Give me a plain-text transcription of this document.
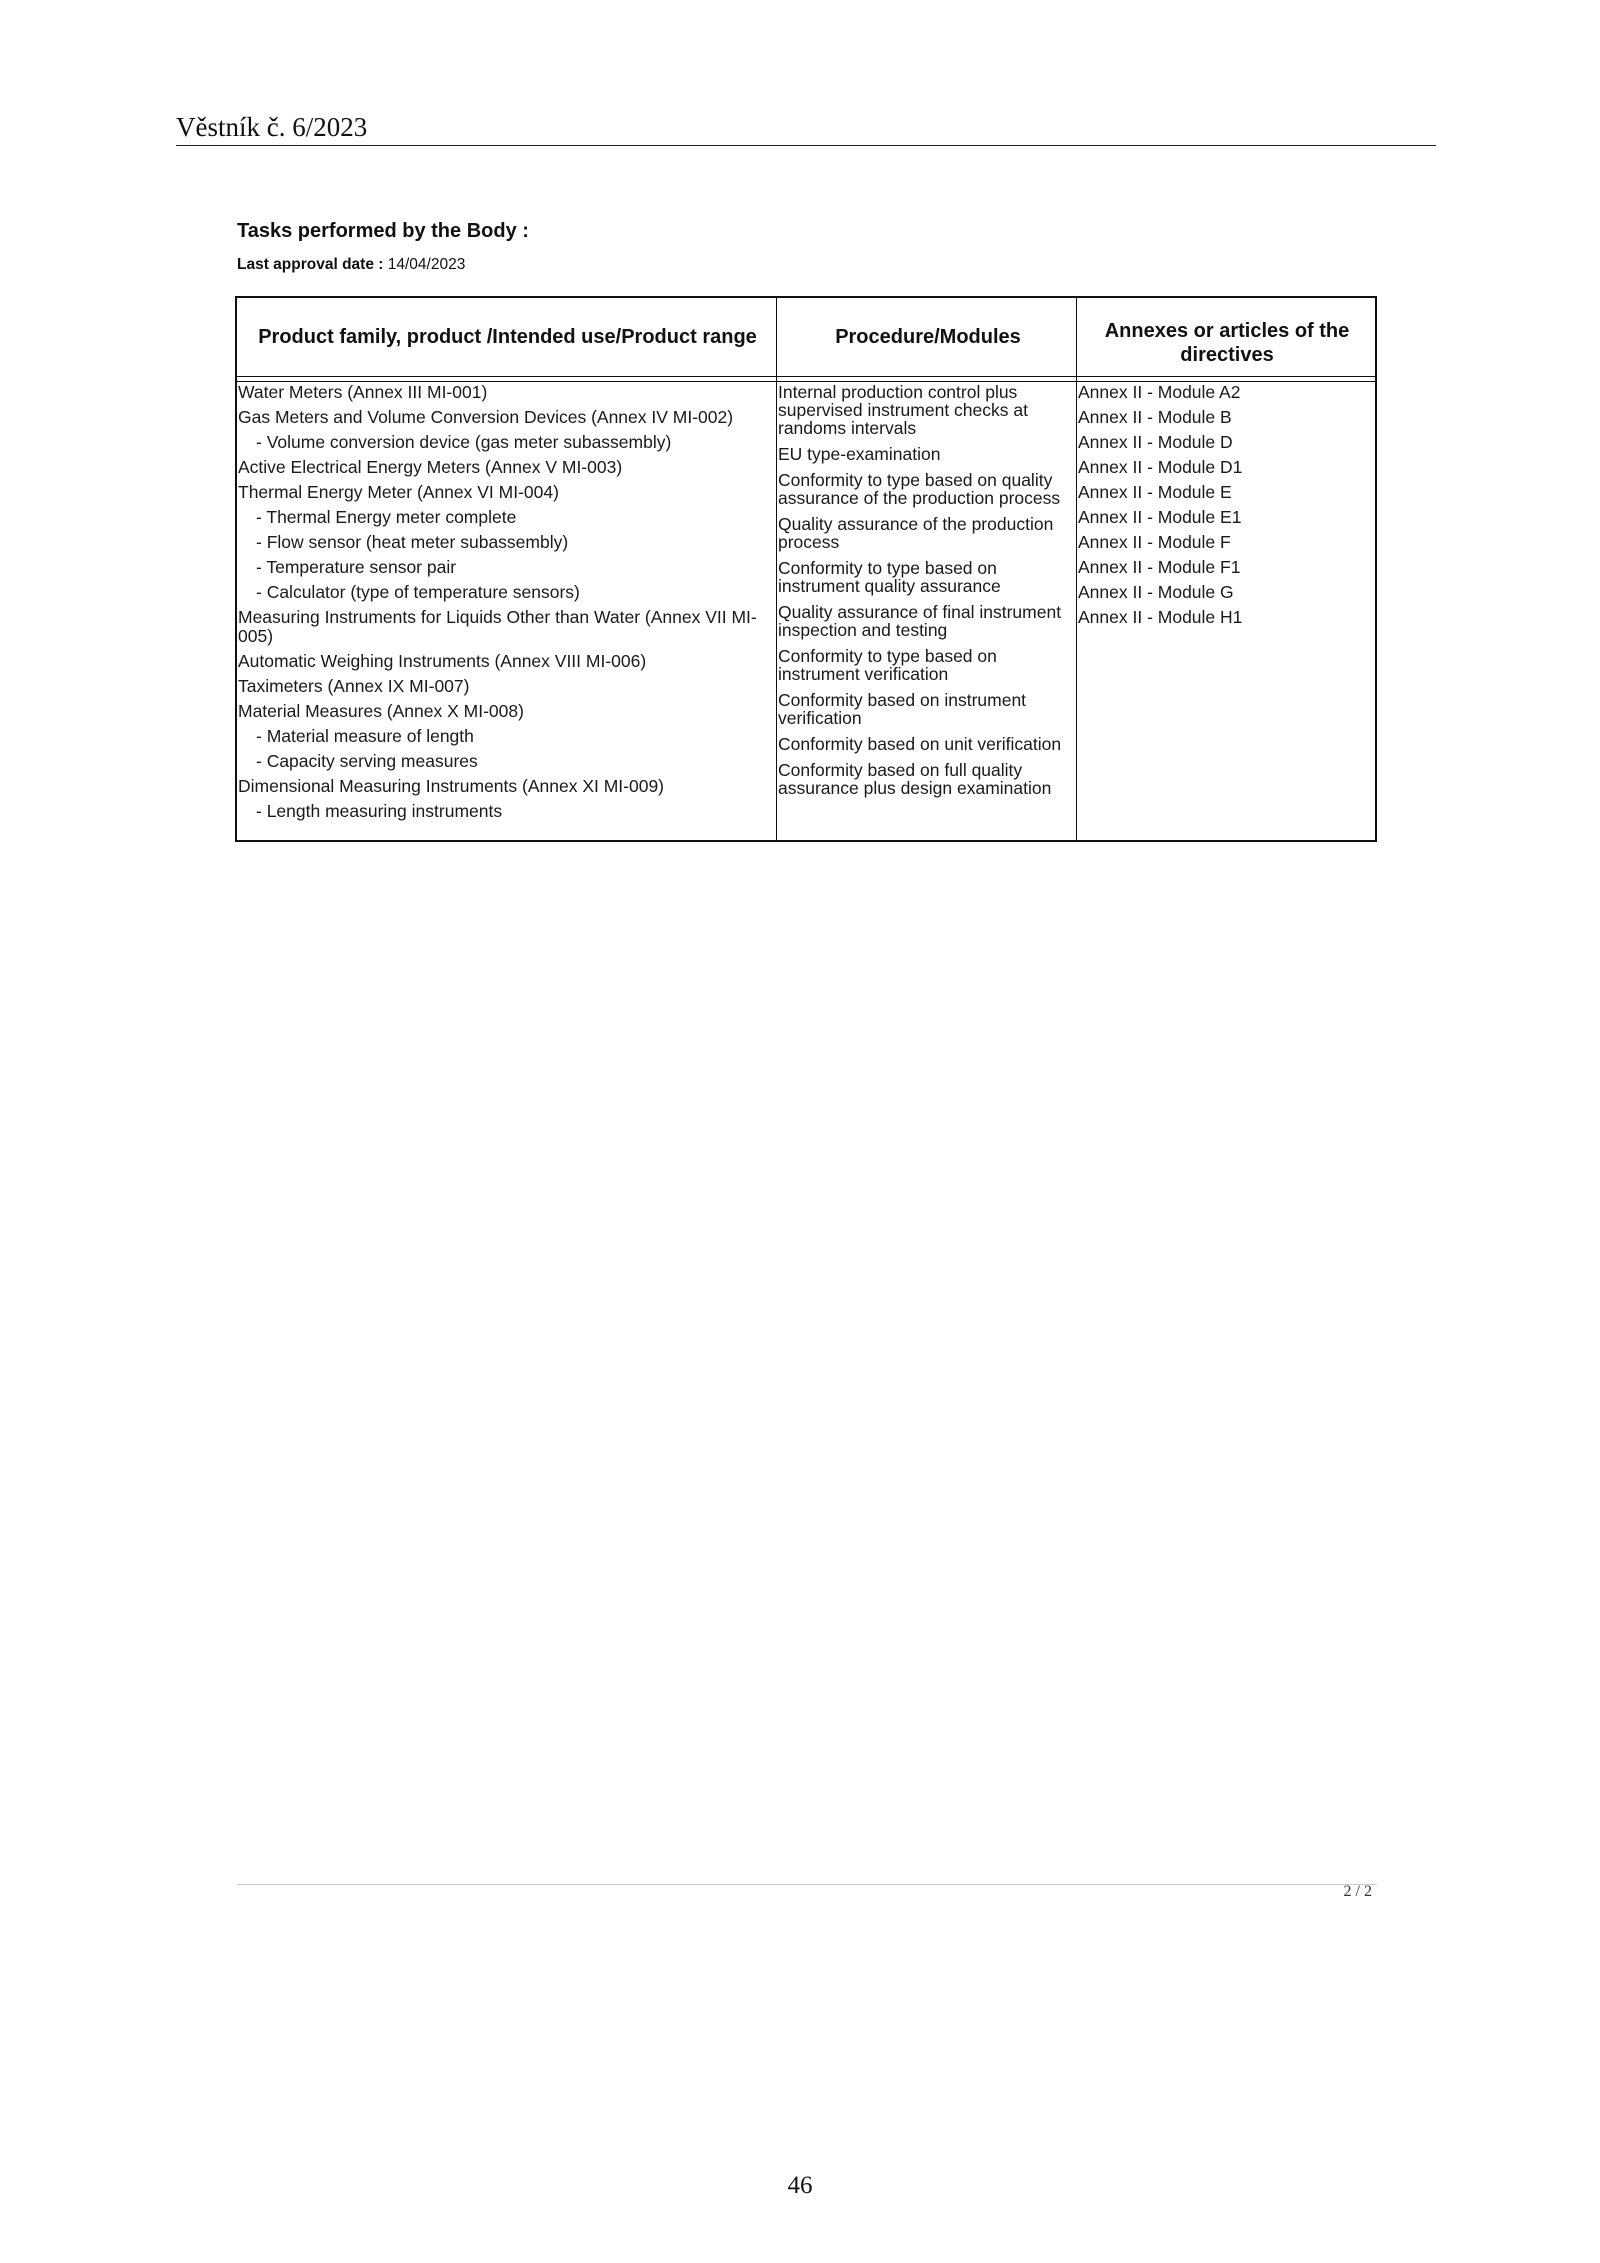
Věstník č. 6/2023
Tasks performed by the Body :
Last approval date : 14/04/2023
Product family, product /Intended use/Product range	Procedure/Modules	Annexes or articles of the directives
Water Meters (Annex III MI-001)
Gas Meters and Volume Conversion Devices (Annex IV MI-002)
- Volume conversion device (gas meter subassembly)
Active Electrical Energy Meters (Annex V MI-003)
Thermal Energy Meter (Annex VI MI-004)
- Thermal Energy meter complete
- Flow sensor (heat meter subassembly)
- Temperature sensor pair
- Calculator (type of temperature sensors)
Measuring Instruments for Liquids Other than Water (Annex VII MI-005)
Automatic Weighing Instruments (Annex VIII MI-006)
Taximeters (Annex IX MI-007)
Material Measures (Annex X MI-008)
- Material measure of length
- Capacity serving measures
Dimensional Measuring Instruments (Annex XI MI-009)
- Length measuring instruments
Internal production control plus supervised instrument checks at randoms intervals
EU type-examination
Conformity to type based on quality assurance of the production process
Quality assurance of the production process
Conformity to type based on instrument quality assurance
Quality assurance of final instrument inspection and testing
Conformity to type based on instrument verification
Conformity based on instrument verification
Conformity based on unit verification
Conformity based on full quality assurance plus design examination
Annex II - Module A2
Annex II - Module B
Annex II - Module D
Annex II - Module D1
Annex II - Module E
Annex II - Module E1
Annex II - Module F
Annex II - Module F1
Annex II - Module G
Annex II - Module H1
2 / 2
46
